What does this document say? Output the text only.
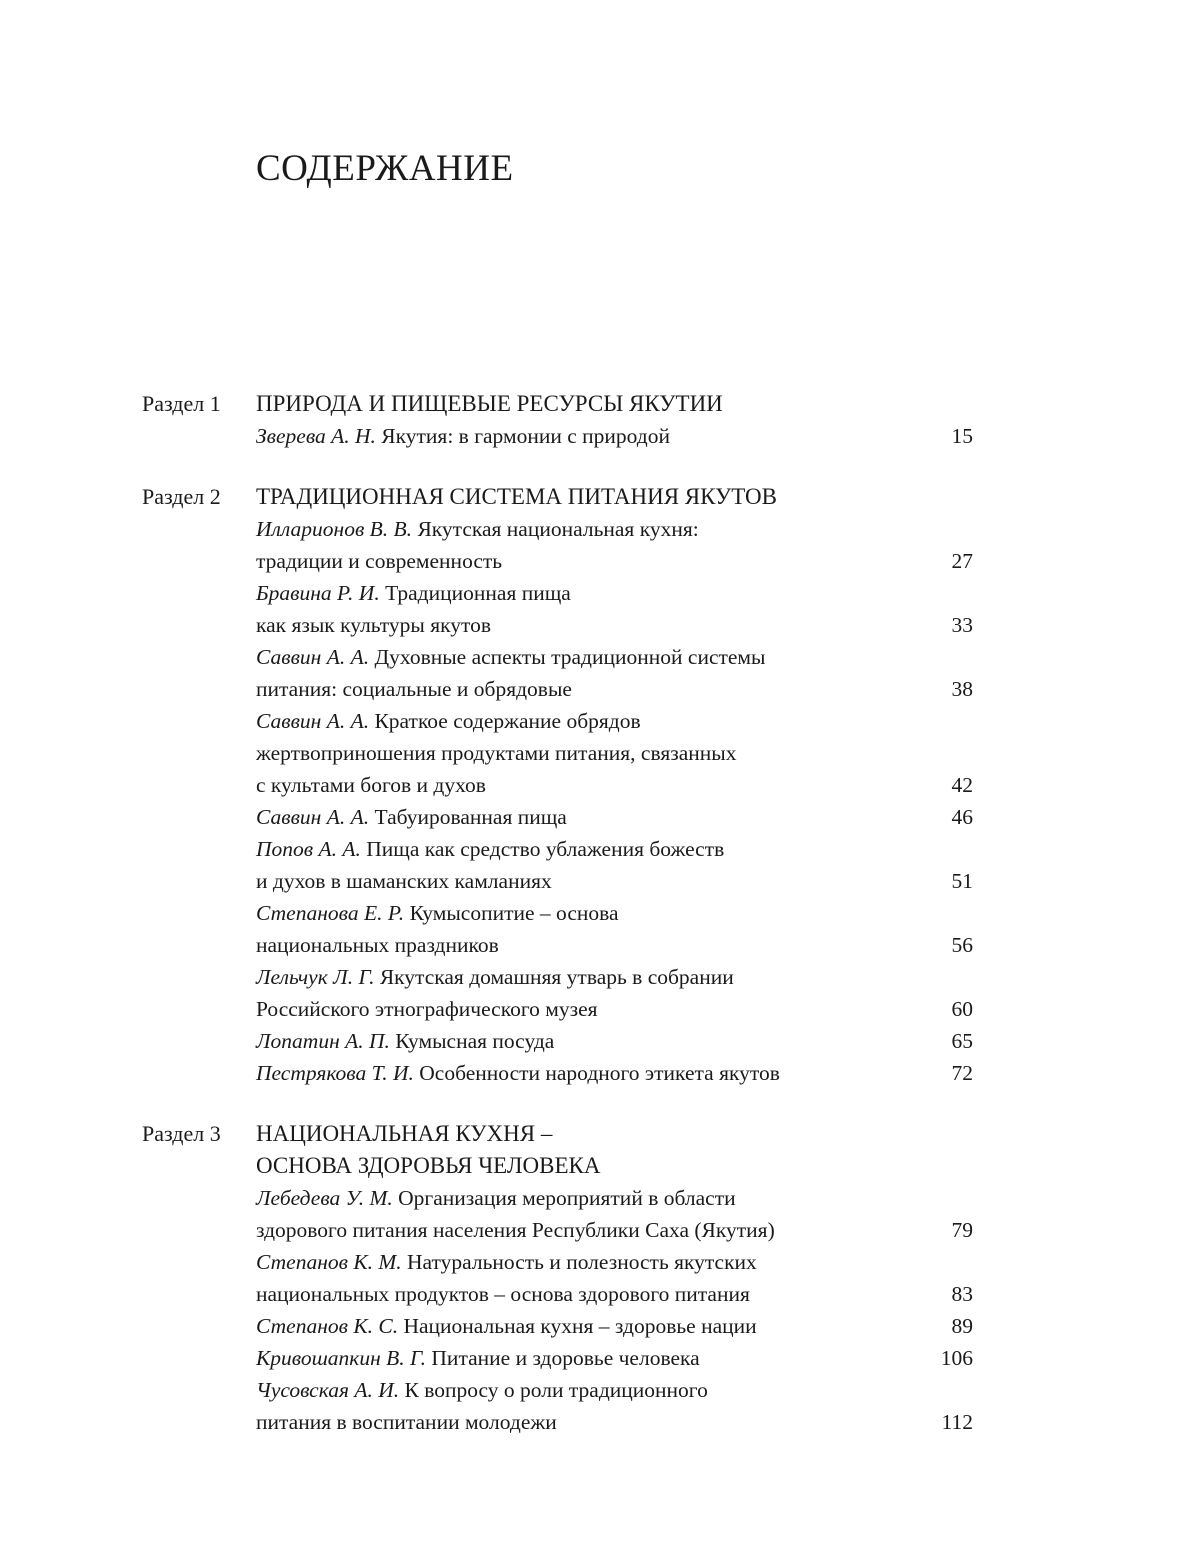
СОДЕРЖАНИЕ
Раздел 1 ПРИРОДА И ПИЩЕВЫЕ РЕСУРСЫ ЯКУТИИ
Зверева А. Н. Якутия: в гармонии с природой	15
Раздел 2 ТРАДИЦИОННАЯ СИСТЕМА ПИТАНИЯ ЯКУТОВ
Илларионов В. В. Якутская национальная кухня:
традиции и современность	27
Бравина Р. И. Традиционная пища
как язык культуры якутов	33
Саввин А. А. Духовные аспекты традиционной системы
питания: социальные и обрядовые	38
Саввин А. А. Краткое содержание обрядов
жертвоприношения продуктами питания, связанных
с культами богов и духов	42
Саввин А. А. Табуированная пища	46
Попов А. А. Пища как средство ублажения божеств
и духов в шаманских камланиях	51
Степанова Е. Р. Кумысопитие – основа
национальных праздников	56
Лельчук Л. Г. Якутская домашняя утварь в собрании
Российского этнографического музея	60
Лопатин А. П. Кумысная посуда	65
Пестрякова Т. И. Особенности народного этикета якутов	72
Раздел 3 НАЦИОНАЛЬНАЯ КУХНЯ –
ОСНОВА ЗДОРОВЬЯ ЧЕЛОВЕКА
Лебедева У. М. Организация мероприятий в области
здорового питания населения Республики Саха (Якутия)	79
Степанов К. М. Натуральность и полезность якутских
национальных продуктов – основа здорового питания	83
Степанов К. С. Национальная кухня – здоровье нации	89
Кривошапкин В. Г. Питание и здоровье человека	106
Чусовская А. И. К вопросу о роли традиционного
питания в воспитании молодежи	112
